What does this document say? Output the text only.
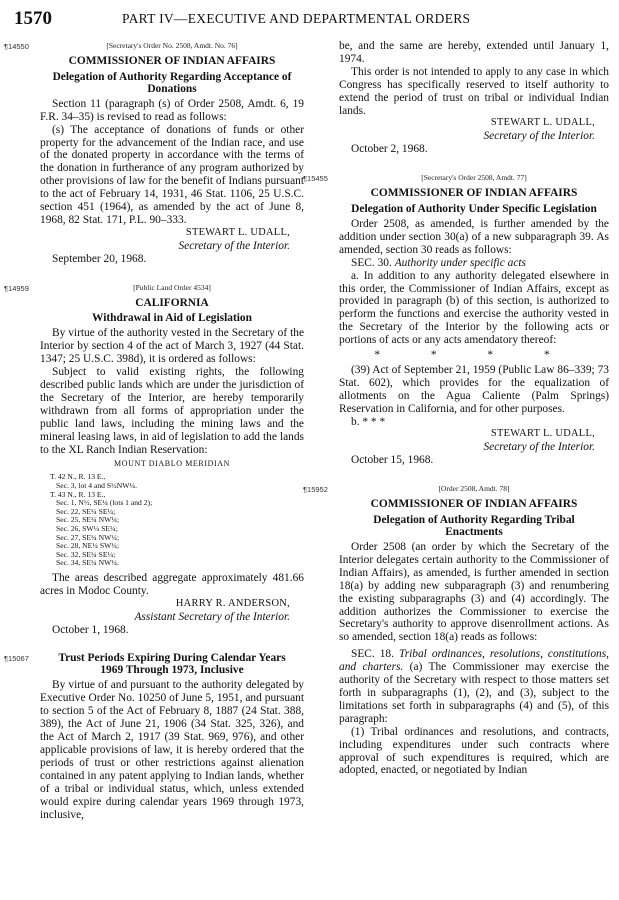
1570	PART IV—EXECUTIVE AND DEPARTMENTAL ORDERS
¶14550	[Secretary's Order No. 2508, Amdt. No. 76]
COMMISSIONER OF INDIAN AFFAIRS
Delegation of Authority Regarding Acceptance of Donations

Section 11 (paragraph (s) of Order 2508, Amdt. 6, 19 F.R. 34–35) is revised to read as follows:

(s) The acceptance of donations of funds or other property for the advancement of the Indian race, and use of the donated property in accordance with the terms of the donation in furtherance of any program authorized by other provisions of law for the benefit of Indians pursuant to the act of February 14, 1931, 46 Stat. 1106, 25 U.S.C. section 451 (1964), as amended by the act of June 8, 1968, 82 Stat. 171, P.L. 90–333.

STEWART L. UDALL,
Secretary of the Interior.
September 20, 1968.
¶14959	[Public Land Order 4534]
CALIFORNIA
Withdrawal in Aid of Legislation

By virtue of the authority vested in the Secretary of the Interior by section 4 of the act of March 3, 1927 (44 Stat. 1347; 25 U.S.C. 398d), it is ordered as follows:

Subject to valid existing rights, the following described public lands which are under the jurisdiction of the Secretary of the Interior, are hereby temporarily withdrawn from all forms of appropriation under the public land laws, including the mining laws and the mineral leasing laws, in aid of legislation to add the lands to the XL Ranch Indian Reservation:

MOUNT DIABLO MERIDIAN
T. 42 N., R. 13 E.,
Sec. 3, lot 4 and S½NW¼.
T. 43 N., R. 13 E.,
Sec. 1, N½, SE¼ (lots 1 and 2);
Sec. 22, SE¼ SE¼;
Sec. 25, SE¼ NW¼;
Sec. 26, SW¼ SE¼;
Sec. 27, SE¼ NW¼;
Sec. 28, NE¼ SW¼;
Sec. 32, SE¼ SE¼;
Sec. 34, SE¼ NW¼.

The areas described aggregate approximately 481.66 acres in Modoc County.

HARRY R. ANDERSON,
Assistant Secretary of the Interior.
October 1, 1968.
¶15067	Trust Periods Expiring During Calendar Years 1969 Through 1973, Inclusive

By virtue of and pursuant to the authority delegated by Executive Order No. 10250 of June 5, 1951, and pursuant to section 5 of the Act of February 8, 1887 (24 Stat. 388, 389), the Act of June 21, 1906 (34 Stat. 325, 326), and the Act of March 2, 1917 (39 Stat. 969, 976), and other applicable provisions of law, it is hereby ordered that the periods of trust or other restrictions against alienation contained in any patent applying to Indian lands, whether of a tribal or individual status, which, unless extended would expire during calendar years 1969 through 1973, inclusive,

be, and the same are hereby, extended until January 1, 1974.

This order is not intended to apply to any case in which Congress has specifically reserved to itself authority to extend the period of trust on tribal or individual Indian lands.

STEWART L. UDALL,
Secretary of the Interior.
October 2, 1968.
¶15455	[Secretary's Order 2508, Amdt. 77]
COMMISSIONER OF INDIAN AFFAIRS
Delegation of Authority Under Specific Legislation

Order 2508, as amended, is further amended by the addition under section 30(a) of a new subparagraph 39. As amended, section 30 reads as follows:

SEC. 30. Authority under specific acts

a. In addition to any authority delegated elsewhere in this order, the Commissioner of Indian Affairs, except as provided in paragraph (b) of this section, is authorized to perform the functions and exercise the authority vested in the Secretary of the Interior by the following acts or portions of acts or any acts amendatory thereof:

* * * *

(39) Act of September 21, 1959 (Public Law 86–339; 73 Stat. 602), which provides for the equalization of allotments on the Agua Caliente (Palm Springs) Reservation in California, and for other purposes.

b. * * *

STEWART L. UDALL,
Secretary of the Interior.
October 15, 1968.
¶15952	[Order 2508, Amdt. 78]
COMMISSIONER OF INDIAN AFFAIRS
Delegation of Authority Regarding Tribal Enactments

Order 2508 (an order by which the Secretary of the Interior delegates certain authority to the Commissioner of Indian Affairs), as amended, is further amended in section 18(a) by adding new subparagraph (3) and renumbering the existing subparagraphs (3) and (4) accordingly. The addition authorizes the Commissioner to exercise the Secretary's authority to approve disenrollment actions. As so amended, section 18(a) reads as follows:

SEC. 18. Tribal ordinances, resolutions, constitutions, and charters. (a) The Commissioner may exercise the authority of the Secretary with respect to those matters set forth in subparagraphs (1), (2), and (3), subject to the limitations set forth in subparagraphs (4) and (5), of this paragraph:

(1) Tribal ordinances and resolutions, and contracts, including expenditures under such contracts where approval of such expenditures is required, which are adopted, enacted, or negotiated by Indian
